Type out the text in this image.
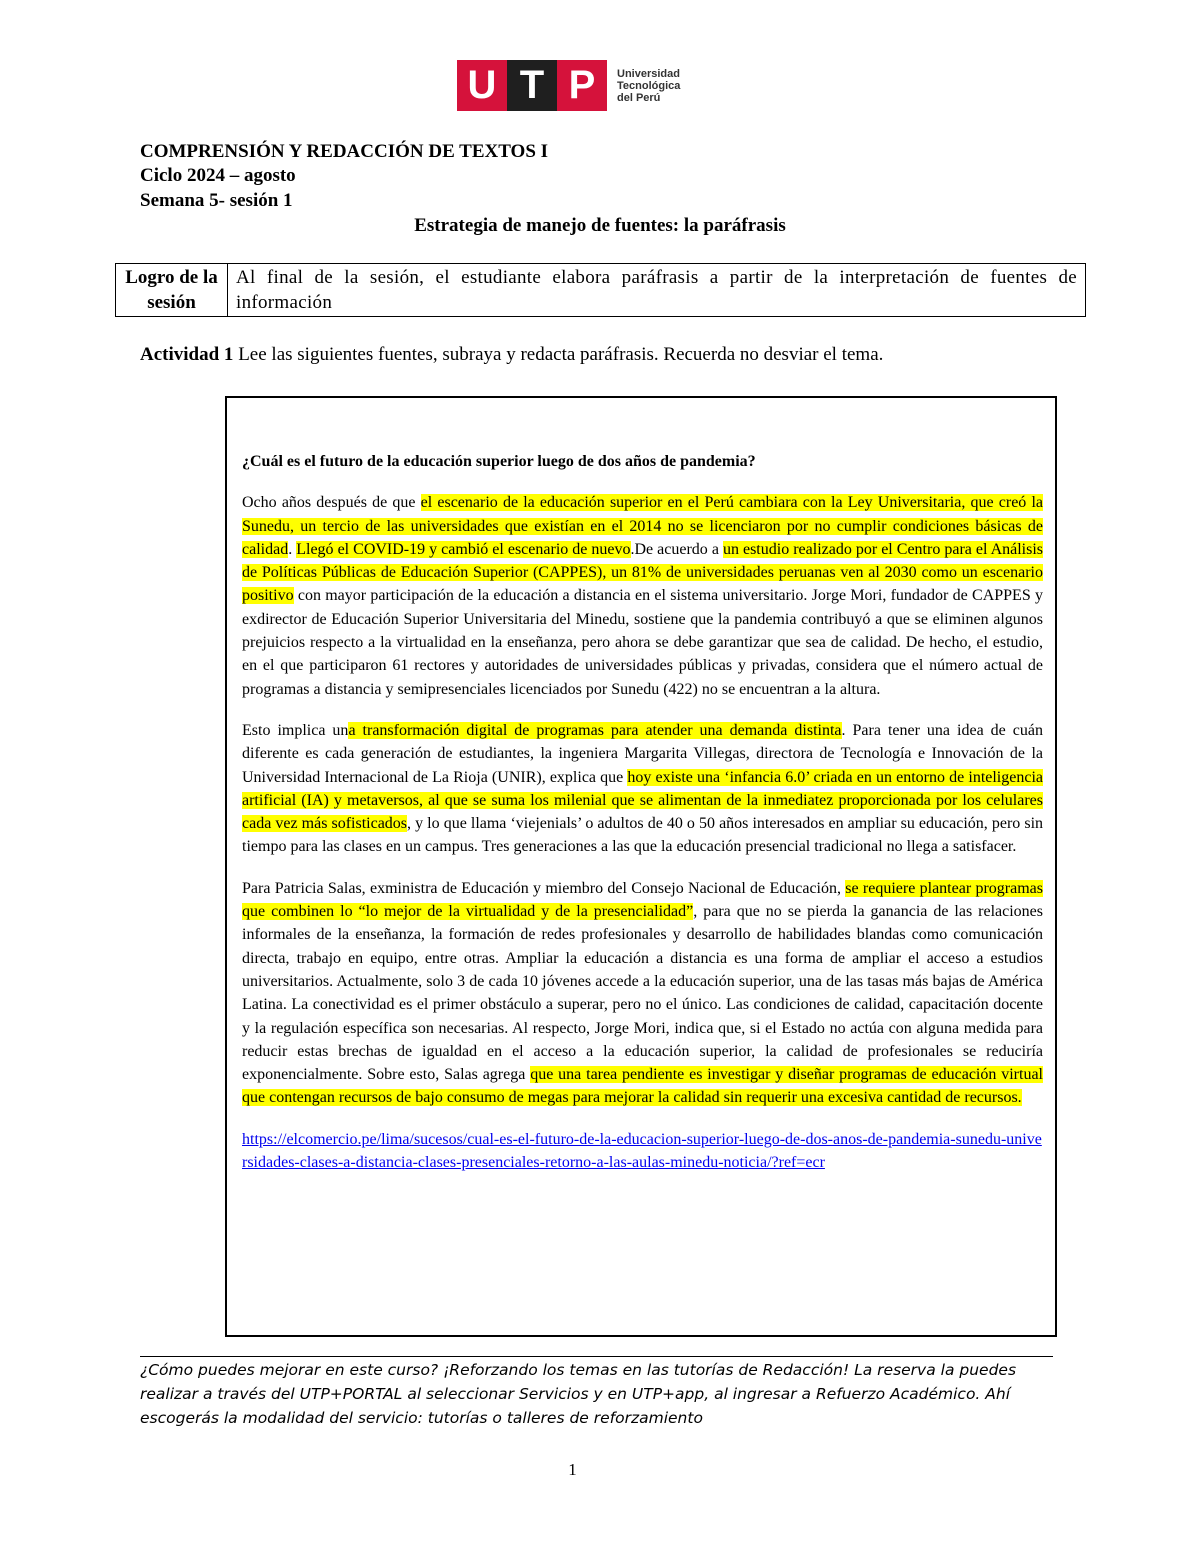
U T P	Universidad
Tecnológica
del Perú
COMPRENSIÓN Y REDACCIÓN DE TEXTOS I
Ciclo 2024 – agosto
Semana 5- sesión 1
Estrategia de manejo de fuentes: la paráfrasis
Logro de la sesión	Al final de la sesión, el estudiante elabora paráfrasis a partir de la interpretación de fuentes de información
Actividad 1 Lee las siguientes fuentes, subraya y redacta paráfrasis. Recuerda no desviar el tema.
¿Cuál es el futuro de la educación superior luego de dos años de pandemia?

Ocho años después de que el escenario de la educación superior en el Perú cambiara con la Ley Universitaria, que creó la Sunedu, un tercio de las universidades que existían en el 2014 no se licenciaron por no cumplir condiciones básicas de calidad. Llegó el COVID-19 y cambió el escenario de nuevo.De acuerdo a un estudio realizado por el Centro para el Análisis de Políticas Públicas de Educación Superior (CAPPES), un 81% de universidades peruanas ven al 2030 como un escenario positivo con mayor participación de la educación a distancia en el sistema universitario. Jorge Mori, fundador de CAPPES y exdirector de Educación Superior Universitaria del Minedu, sostiene que la pandemia contribuyó a que se eliminen algunos prejuicios respecto a la virtualidad en la enseñanza, pero ahora se debe garantizar que sea de calidad. De hecho, el estudio, en el que participaron 61 rectores y autoridades de universidades públicas y privadas, considera que el número actual de programas a distancia y semipresenciales licenciados por Sunedu (422) no se encuentran a la altura.

Esto implica una transformación digital de programas para atender una demanda distinta. Para tener una idea de cuán diferente es cada generación de estudiantes, la ingeniera Margarita Villegas, directora de Tecnología e Innovación de la Universidad Internacional de La Rioja (UNIR), explica que hoy existe una ‘infancia 6.0’ criada en un entorno de inteligencia artificial (IA) y metaversos, al que se suma los milenial que se alimentan de la inmediatez proporcionada por los celulares cada vez más sofisticados, y lo que llama ‘viejenials’ o adultos de 40 o 50 años interesados en ampliar su educación, pero sin tiempo para las clases en un campus. Tres generaciones a las que la educación presencial tradicional no llega a satisfacer.

Para Patricia Salas, exministra de Educación y miembro del Consejo Nacional de Educación, se requiere plantear programas que combinen lo “lo mejor de la virtualidad y de la presencialidad”, para que no se pierda la ganancia de las relaciones informales de la enseñanza, la formación de redes profesionales y desarrollo de habilidades blandas como comunicación directa, trabajo en equipo, entre otras. Ampliar la educación a distancia es una forma de ampliar el acceso a estudios universitarios. Actualmente, solo 3 de cada 10 jóvenes accede a la educación superior, una de las tasas más bajas de América Latina. La conectividad es el primer obstáculo a superar, pero no el único. Las condiciones de calidad, capacitación docente y la regulación específica son necesarias. Al respecto, Jorge Mori, indica que, si el Estado no actúa con alguna medida para reducir estas brechas de igualdad en el acceso a la educación superior, la calidad de profesionales se reduciría exponencialmente. Sobre esto, Salas agrega que una tarea pendiente es investigar y diseñar programas de educación virtual que contengan recursos de bajo consumo de megas para mejorar la calidad sin requerir una excesiva cantidad de recursos.

https://elcomercio.pe/lima/sucesos/cual-es-el-futuro-de-la-educacion-superior-luego-de-dos-anos-de-pandemia-sunedu-universidades-clases-a-distancia-clases-presenciales-retorno-a-las-aulas-minedu-noticia/?ref=ecr

¿Cómo puedes mejorar en este curso? ¡Reforzando los temas en las tutorías de Redacción! La reserva la puedes realizar a través del UTP+PORTAL al seleccionar Servicios y en UTP+app, al ingresar a Refuerzo Académico. Ahí escogerás la modalidad del servicio: tutorías o talleres de reforzamiento
1
